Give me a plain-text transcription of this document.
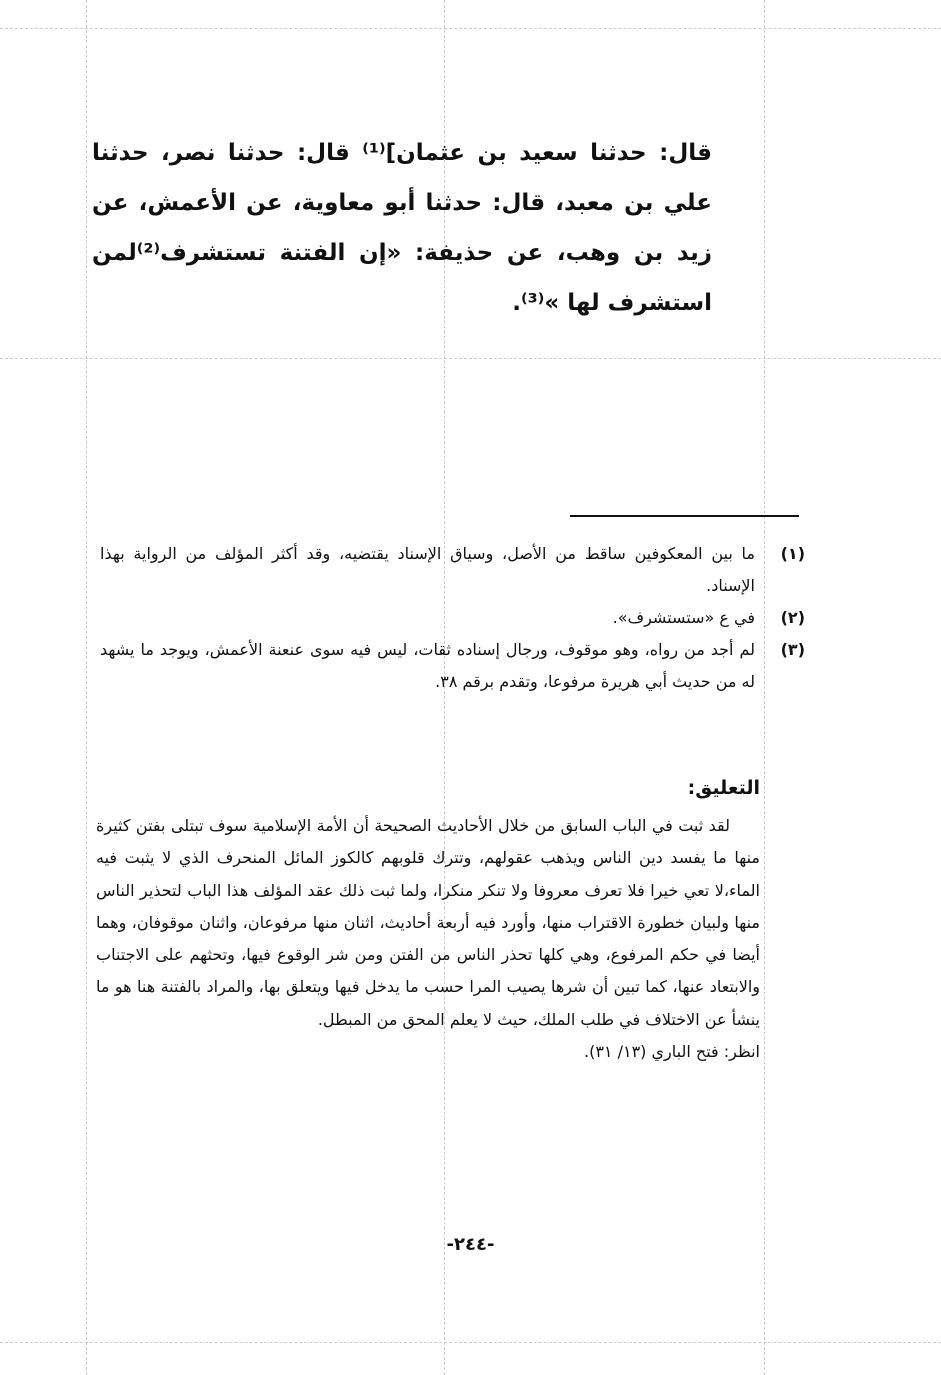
قال: حدثنا سعيد بن عثمان]⁽¹⁾ قال: حدثنا نصر، حدثنا علي بن معبد، قال: حدثنا أبو معاوية، عن الأعمش، عن زيد بن وهب، عن حذيفة: «إن الفتنة تستشرف⁽²⁾لمن استشرف لها »⁽³⁾.

(١)
ما بين المعكوفين ساقط من الأصل، وسياق الإسناد يقتضيه، وقد أكثر المؤلف من الرواية بهذا الإسناد.
(٢)
في ع «ستستشرف».
(٣)
لم أجد من رواه، وهو موقوف، ورجال إسناده ثقات، ليس فيه سوى عنعنة الأعمش، ويوجد ما يشهد له من حديث أبي هريرة مرفوعا، وتقدم برقم ٣٨.
التعليق:

لقد ثبت في الباب السابق من خلال الأحاديث الصحيحة أن الأمة الإسلامية سوف تبتلى بفتن كثيرة منها ما يفسد دين الناس ويذهب عقولهم، وتترك قلوبهم كالكوز المائل المنحرف الذي لا يثبت فيه الماء،لا تعي خيرا فلا تعرف معروفا ولا تنكر منكرا، ولما ثبت ذلك عقد المؤلف هذا الباب لتحذير الناس منها ولبيان خطورة الاقتراب منها، وأورد فيه أربعة أحاديث، اثنان منها مرفوعان، واثنان موقوفان، وهما أيضا في حكم المرفوع، وهي كلها تحذر الناس من الفتن ومن شر الوقوع فيها، وتحثهم على الاجتناب والابتعاد عنها، كما تبين أن شرها يصيب المرا حسب ما يدخل فيها ويتعلق بها، والمراد بالفتنة هنا هو ما ينشأ عن الاختلاف في طلب الملك، حيث لا يعلم المحق من المبطل.

انظر: فتح الباري (١٣/ ٣١).

-٢٤٤-
